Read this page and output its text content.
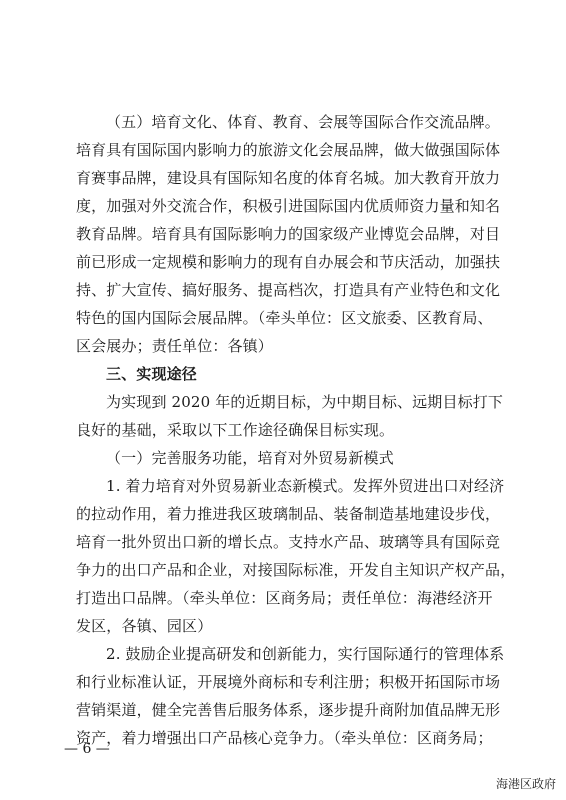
（五）培育文化、体育、教育、会展等国际合作交流品牌。
培育具有国际国内影响力的旅游文化会展品牌，做大做强国际体
育赛事品牌，建设具有国际知名度的体育名城。加大教育开放力
度，加强对外交流合作，积极引进国际国内优质师资力量和知名
教育品牌。培育具有国际影响力的国家级产业博览会品牌，对目
前已形成一定规模和影响力的现有自办展会和节庆活动，加强扶
持、扩大宣传、搞好服务、提高档次，打造具有产业特色和文化
特色的国内国际会展品牌。（牵头单位：区文旅委、区教育局、
区会展办；责任单位：各镇）
三、实现途径
为实现到 2020 年的近期目标，为中期目标、远期目标打下
良好的基础，采取以下工作途径确保目标实现。
（一）完善服务功能，培育对外贸易新模式
1. 着力培育对外贸易新业态新模式。发挥外贸进出口对经济
的拉动作用，着力推进我区玻璃制品、装备制造基地建设步伐，
培育一批外贸出口新的增长点。支持水产品、玻璃等具有国际竞
争力的出口产品和企业，对接国际标准，开发自主知识产权产品，
打造出口品牌。（牵头单位：区商务局；责任单位：海港经济开
发区，各镇、园区）
2. 鼓励企业提高研发和创新能力，实行国际通行的管理体系
和行业标准认证，开展境外商标和专利注册；积极开拓国际市场
营销渠道，健全完善售后服务体系，逐步提升商附加值品牌无形
资产，着力增强出口产品核心竞争力。（牵头单位：区商务局；
— 6 —
海港区政府
